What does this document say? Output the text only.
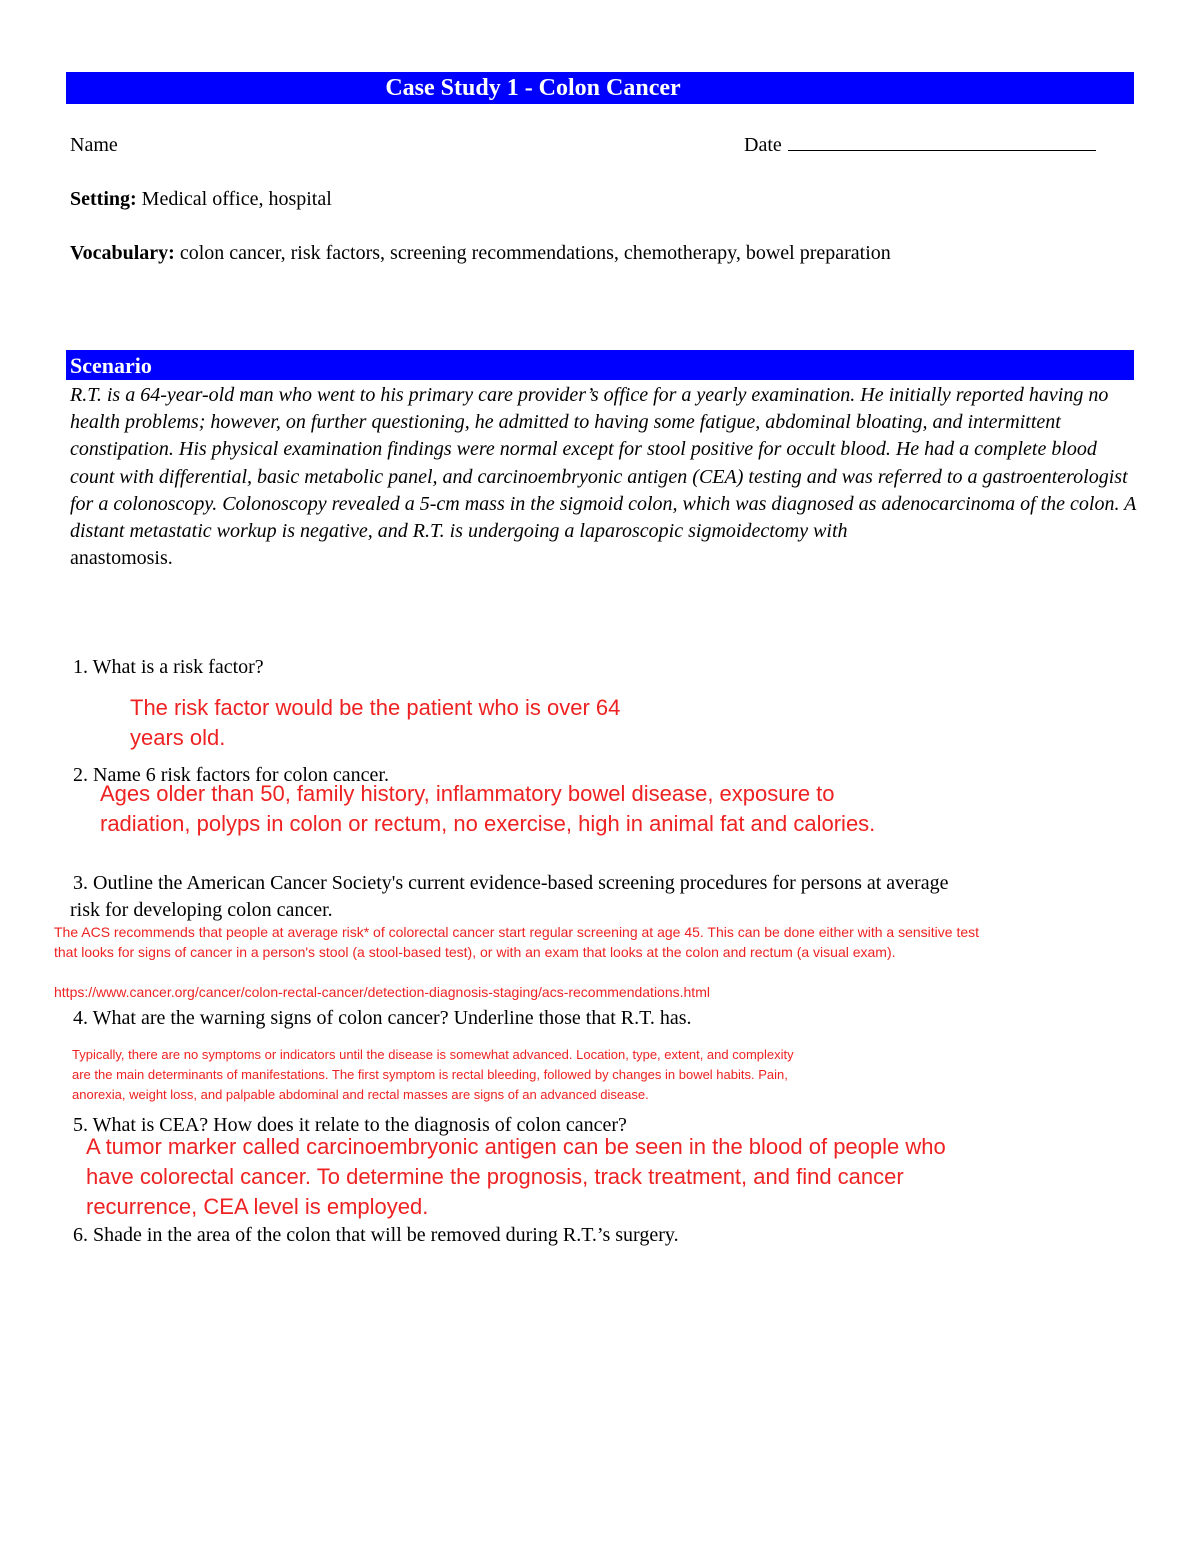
Case Study 1 - Colon Cancer
Name	Date
Setting: Medical office, hospital
Vocabulary: colon cancer, risk factors, screening recommendations, chemotherapy, bowel preparation
Scenario
R.T. is a 64-year-old man who went to his primary care provider’s office for a yearly examination. He initially reported having no health problems; however, on further questioning, he admitted to having some fatigue, abdominal bloating, and intermittent constipation. His physical examination findings were normal except for stool positive for occult blood. He had a complete blood count with differential, basic metabolic panel, and carcinoembryonic antigen (CEA) testing and was referred to a gastroenterologist for a colonoscopy. Colonoscopy revealed a 5-cm mass in the sigmoid colon, which was diagnosed as adenocarcinoma of the colon. A distant metastatic workup is negative, and R.T. is undergoing a laparoscopic sigmoidectomy with
anastomosis.
1. What is a risk factor?
The risk factor would be the patient who is over 64
years old.
2. Name 6 risk factors for colon cancer.
Ages older than 50, family history, inflammatory bowel disease, exposure to
radiation, polyps in colon or rectum, no exercise, high in animal fat and calories.
3. Outline the American Cancer Society's current evidence-based screening procedures for persons at average
risk for developing colon cancer.
The ACS recommends that people at average risk* of colorectal cancer start regular screening at age 45. This can be done either with a sensitive test
that looks for signs of cancer in a person's stool (a stool-based test), or with an exam that looks at the colon and rectum (a visual exam).
https://www.cancer.org/cancer/colon-rectal-cancer/detection-diagnosis-staging/acs-recommendations.html
4. What are the warning signs of colon cancer? Underline those that R.T. has.
Typically, there are no symptoms or indicators until the disease is somewhat advanced. Location, type, extent, and complexity
are the main determinants of manifestations. The first symptom is rectal bleeding, followed by changes in bowel habits. Pain,
anorexia, weight loss, and palpable abdominal and rectal masses are signs of an advanced disease.
5. What is CEA? How does it relate to the diagnosis of colon cancer?
A tumor marker called carcinoembryonic antigen can be seen in the blood of people who
have colorectal cancer. To determine the prognosis, track treatment, and find cancer
recurrence, CEA level is employed.
6. Shade in the area of the colon that will be removed during R.T.’s surgery.
